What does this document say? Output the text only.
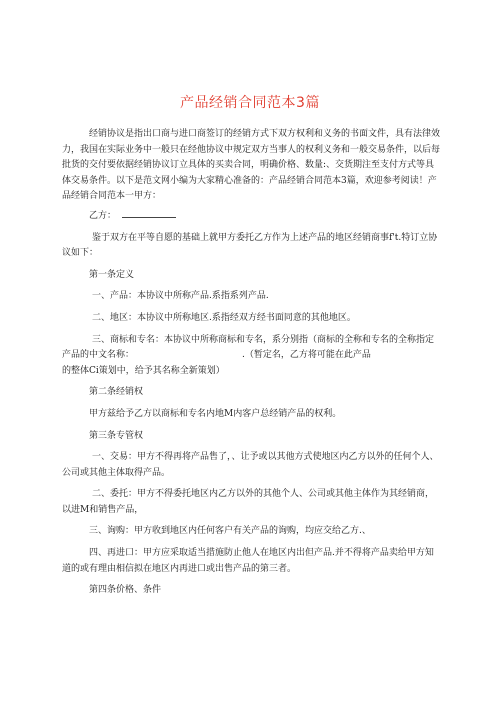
产品经销合同范本3篇

经销协议是指出口商与进口商签订的经销方式下双方权利和义务的书面文件，具有法律效力，我国在实际业务中一般只在经他协议中规定双方当事人的权利义务和一般交易条件，以后每批货的交付要依据经销协议订立具体的买卖合同，明确价格、数量:、交货期注至支付方式等具体交易条件。以下是范文网小编为大家精心准备的：产品经销合同范本3篇，欢迎参考阅读！产品经销合同范本一甲方：

乙方：

鉴于双方在平等自愿的基础上就甲方委托乙方作为上述产品的地区经销商事f't.特订立协议如下：

第一条定义

一、产品：本协议中所称产品.系指系列产品.

二、地区：本协议中所称地区.系指经双方经书面同意的其他地区。

三、商标和专名：本协议中所称商标和专名，系分别指（商标的全称和专名的全称指定产品的中文名称：	.（暂定名，乙方将可能在此产品

的整体Ci策划中，给予其名称全新策划）

第二条经销权

甲方兹给予乙方以商标和专名内地M内客户总经销产品的权利。

第三条专管权

一、交易：甲方不得再将产品售了，、让予或以其他方式使地区内乙方以外的任何个人、公司或其他主体取得产品。

二、委托：甲方不得委托地区内乙方以外的其他个人、公司或其他主体作为其经销商，以进M和销售产品，

三、询购：甲方收到地区内任何客户有关产品的询购，均应交给乙方.、

四、再进口：甲方应采取适当措施防止他人在地区内出但产品.并不得将产品卖给甲方知道的或有理由相信拟在地区内再进口或出售产品的第三者。

第四条价格、条件
